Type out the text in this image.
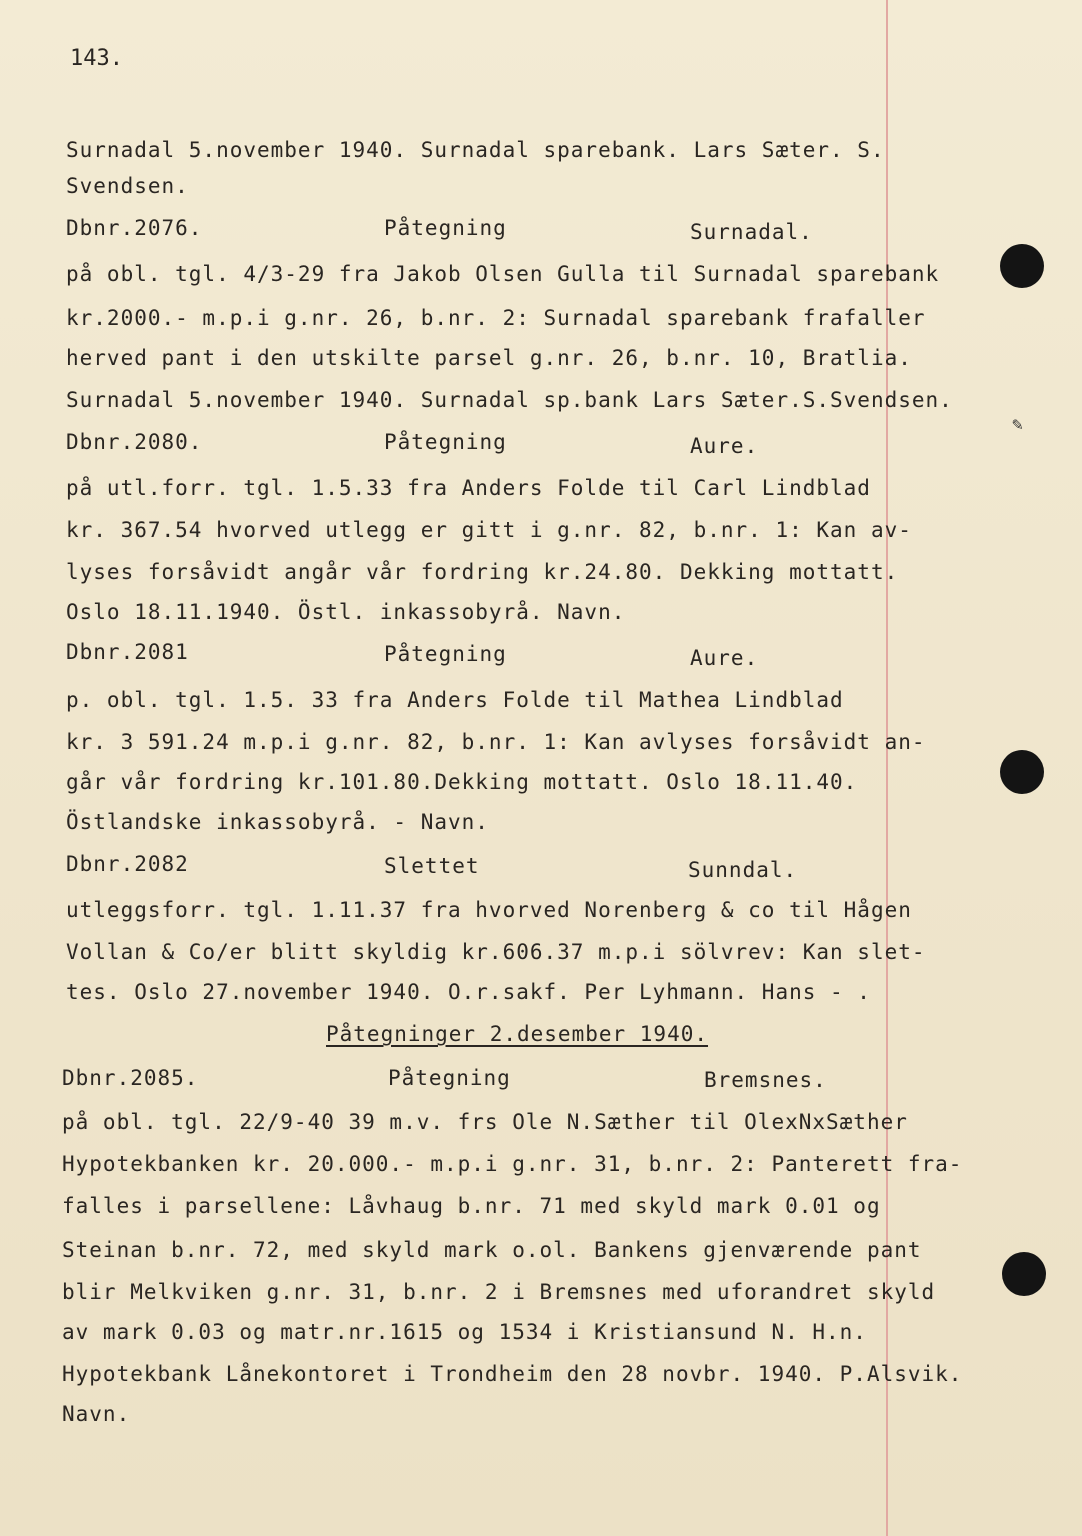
✎
143.
Surnadal 5.november 1940. Surnadal sparebank. Lars Sæter. S.
Svendsen.
Dbnr.2076.	Påtegning	Surnadal.
på obl. tgl. 4/3-29 fra Jakob Olsen Gulla til Surnadal sparebank
kr.2000.- m.p.i g.nr. 26, b.nr. 2: Surnadal sparebank frafaller
herved pant i den utskilte parsel g.nr. 26, b.nr. 10, Bratlia.
Surnadal 5.november 1940. Surnadal sp.bank Lars Sæter.S.Svendsen.
Dbnr.2080.	Påtegning	Aure.
på utl.forr. tgl. 1.5.33 fra Anders Folde til Carl Lindblad
kr. 367.54 hvorved utlegg er gitt i g.nr. 82, b.nr. 1: Kan av-
lyses forsåvidt angår vår fordring kr.24.80. Dekking mottatt.
Oslo 18.11.1940. Östl. inkassobyrå. Navn.
Dbnr.2081	Påtegning	Aure.
p. obl. tgl. 1.5. 33 fra Anders Folde til Mathea Lindblad
kr. 3 591.24 m.p.i g.nr. 82, b.nr. 1: Kan avlyses forsåvidt an-
går vår fordring kr.101.80.Dekking mottatt. Oslo 18.11.40.
Östlandske inkassobyrå. - Navn.
Dbnr.2082	Slettet	Sunndal.
utleggsforr. tgl. 1.11.37 fra hvorved Norenberg & co til Hågen
Vollan & Co/er blitt skyldig kr.606.37 m.p.i sölvrev: Kan slet-
tes. Oslo 27.november 1940. O.r.sakf. Per Lyhmann. Hans - .
Påtegninger 2.desember 1940.
Dbnr.2085.	Påtegning	Bremsnes.
på obl. tgl. 22/9-40 39 m.v. frs Ole N.Sæther til OlexNxSæther
Hypotekbanken kr. 20.000.- m.p.i g.nr. 31, b.nr. 2: Panterett fra-
falles i parsellene: Låvhaug b.nr. 71 med skyld mark 0.01 og
Steinan b.nr. 72, med skyld mark o.ol. Bankens gjenværende pant
blir Melkviken g.nr. 31, b.nr. 2 i Bremsnes med uforandret skyld
av mark 0.03 og matr.nr.1615 og 1534 i Kristiansund N. H.n.
Hypotekbank Lånekontoret i Trondheim den 28 novbr. 1940. P.Alsvik.
Navn.
